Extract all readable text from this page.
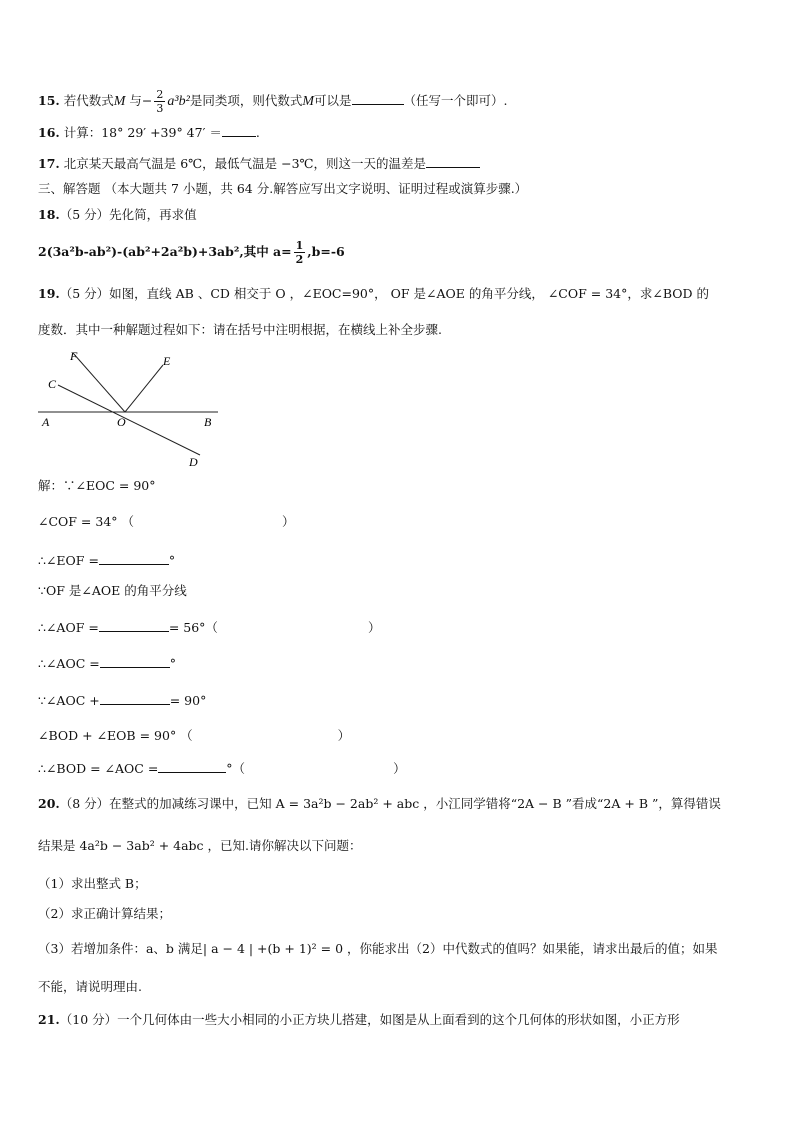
15. 若代数式M 与− $\frac{2}{3} a^3b^2$是同类项，则代数式M可以是	（任写一个即可）.
16. 计算：18° 29′ +39° 47′ ＝	.
17. 北京某天最高气温是 6℃，最低气温是 −3℃，则这一天的温差是
三、解答题 （本大题共 7 小题，共 64 分.解答应写出文字说明、证明过程或演算步骤.）
18.（5 分）先化简，再求值
2(3a²b-ab²)-(ab²+2a²b)+3ab²,其中 $a= \frac{1}{2} ,b=-6$
19.（5 分）如图，直线 AB 、CD 相交于 O ，∠EOC=90°， OF 是∠AOE 的角平分线， ∠COF = 34°，求∠BOD 的
度数．其中一种解题过程如下：请在括号中注明根据，在横线上补全步骤.
F	E
C
A	O	B
D
解：∵∠EOC = 90°
∠COF = 34° （	）
∴∠EOF =	°
∵OF 是∠AOE 的角平分线
∴∠AOF =	= 56°（	）
∴∠AOC =	°
∵∠AOC +	= 90°
∠BOD + ∠EOB = 90° （	）
∴∠BOD = ∠AOC =	°（	）
20.（8 分）在整式的加减练习课中，已知 A = 3a²b − 2ab² + abc ，小江同学错将“2A − B ”看成“2A + B ”，算得错误
结果是 4a²b − 3ab² + 4abc ，已知.请你解决以下问题：
（1）求出整式 B；
（2）求正确计算结果；
（3）若增加条件：a、b 满足| a − 4 | +(b + 1)² = 0 ，你能求出（2）中代数式的值吗？如果能，请求出最后的值；如果
不能，请说明理由.
21.（10 分）一个几何体由一些大小相同的小正方块儿搭建，如图是从上面看到的这个几何体的形状如图，小正方形
